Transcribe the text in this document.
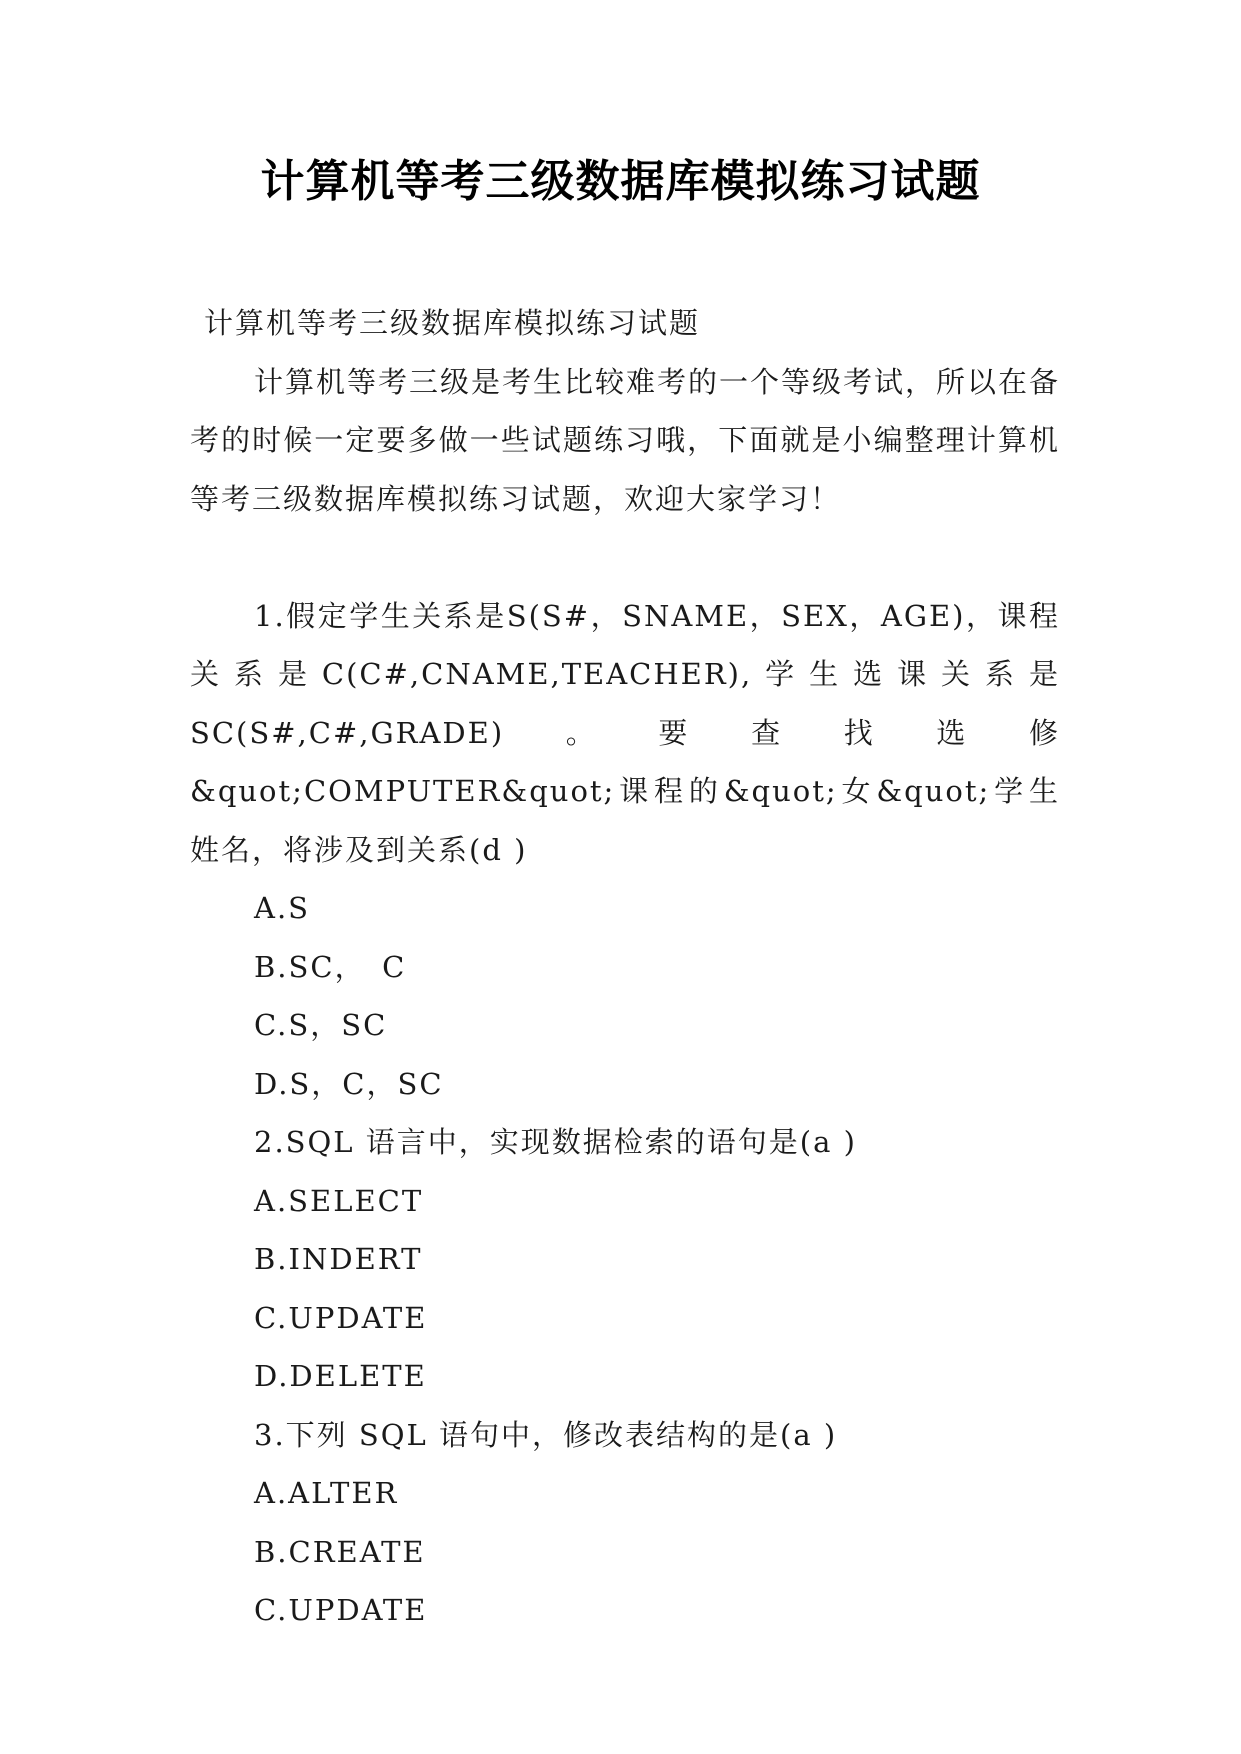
计算机等考三级数据库模拟练习试题

计算机等考三级数据库模拟练习试题

计算机等考三级是考生比较难考的一个等级考试，所以在备考的时候一定要多做一些试题练习哦，下面就是小编整理计算机等考三级数据库模拟练习试题，欢迎大家学习！

1.假定学生关系是S(S#，SNAME，SEX，AGE)，课程关系是C(C#,CNAME,TEACHER),学生选课关系是SC(S#,C#,GRADE)。要查找选修 &quot;COMPUTER&quot;课程的&quot;女&quot;学生姓名，将涉及到关系(d )

A.S

B.SC，　C

C.S，SC

D.S，C，SC

2.SQL 语言中，实现数据检索的语句是(a )

A.SELECT

B.INDERT

C.UPDATE

D.DELETE

3.下列 SQL 语句中，修改表结构的是(a )

A.ALTER

B.CREATE

C.UPDATE
